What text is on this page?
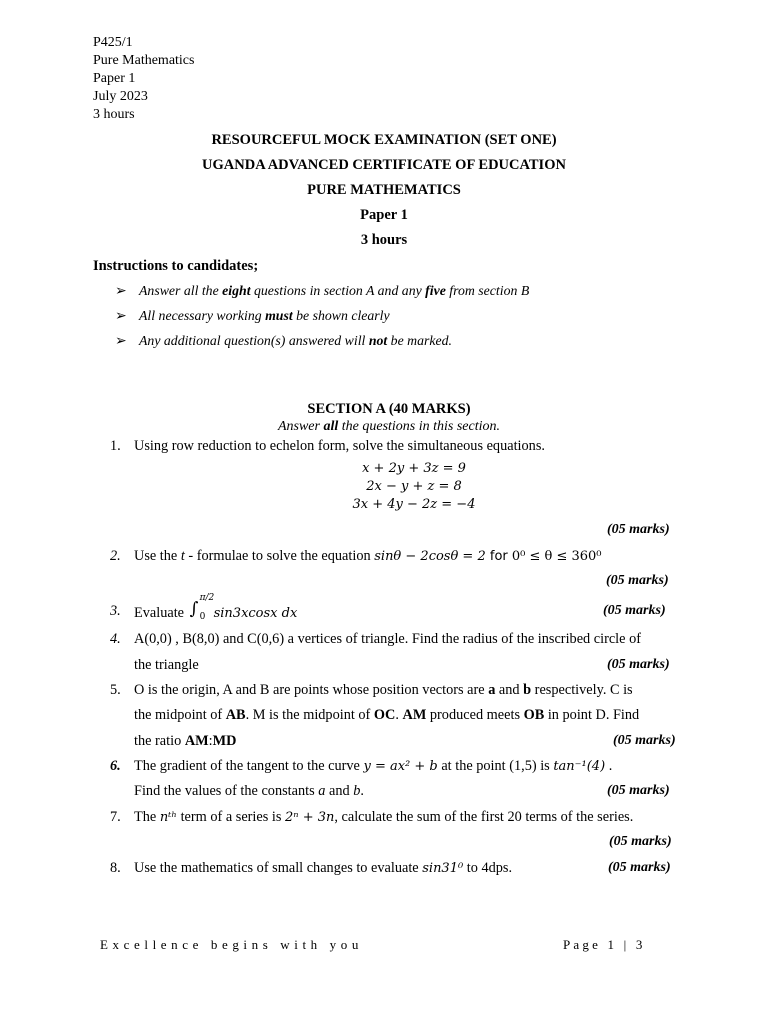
P425/1
Pure Mathematics
Paper 1
July 2023
3 hours
RESOURCEFUL MOCK EXAMINATION (SET ONE)
UGANDA ADVANCED CERTIFICATE OF EDUCATION
PURE MATHEMATICS
Paper 1
3 hours
Instructions to candidates;
➢ Answer all the eight questions in section A and any five from section B
➢ All necessary working must be shown clearly
➢ Any additional question(s) answered will not be marked.
SECTION A (40 MARKS)
Answer all the questions in this section.
1. Using row reduction to echelon form, solve the simultaneous equations.
x + 2y + 3z = 9
2x − y + z = 8
3x + 4y − 2z = −4
(05 marks)
2. Use the t - formulae to solve the equation sinθ − 2cosθ = 2 for 0⁰ ≤ θ ≤ 360⁰
(05 marks)
3. Evaluate ∫
π/2
0 sin3xcosx dx	(05 marks)
4. A(0,0) , B(8,0) and C(0,6) a vertices of triangle. Find the radius of the inscribed circle of
the triangle	(05 marks)
5. O is the origin, A and B are points whose position vectors are a and b respectively. C is
the midpoint of AB. M is the midpoint of OC. AM produced meets OB in point D. Find
the ratio AM:MD	(05 marks)
6. The gradient of the tangent to the curve y = ax² + b at the point (1,5) is tan⁻¹(4) .
Find the values of the constants a and b.	(05 marks)
7. The nᵗʰ term of a series is 2ⁿ + 3n, calculate the sum of the first 20 terms of the series.
(05 marks)
8. Use the mathematics of small changes to evaluate sin31⁰ to 4dps.	(05 marks)
Excellence begins with you	Page 1 | 3
